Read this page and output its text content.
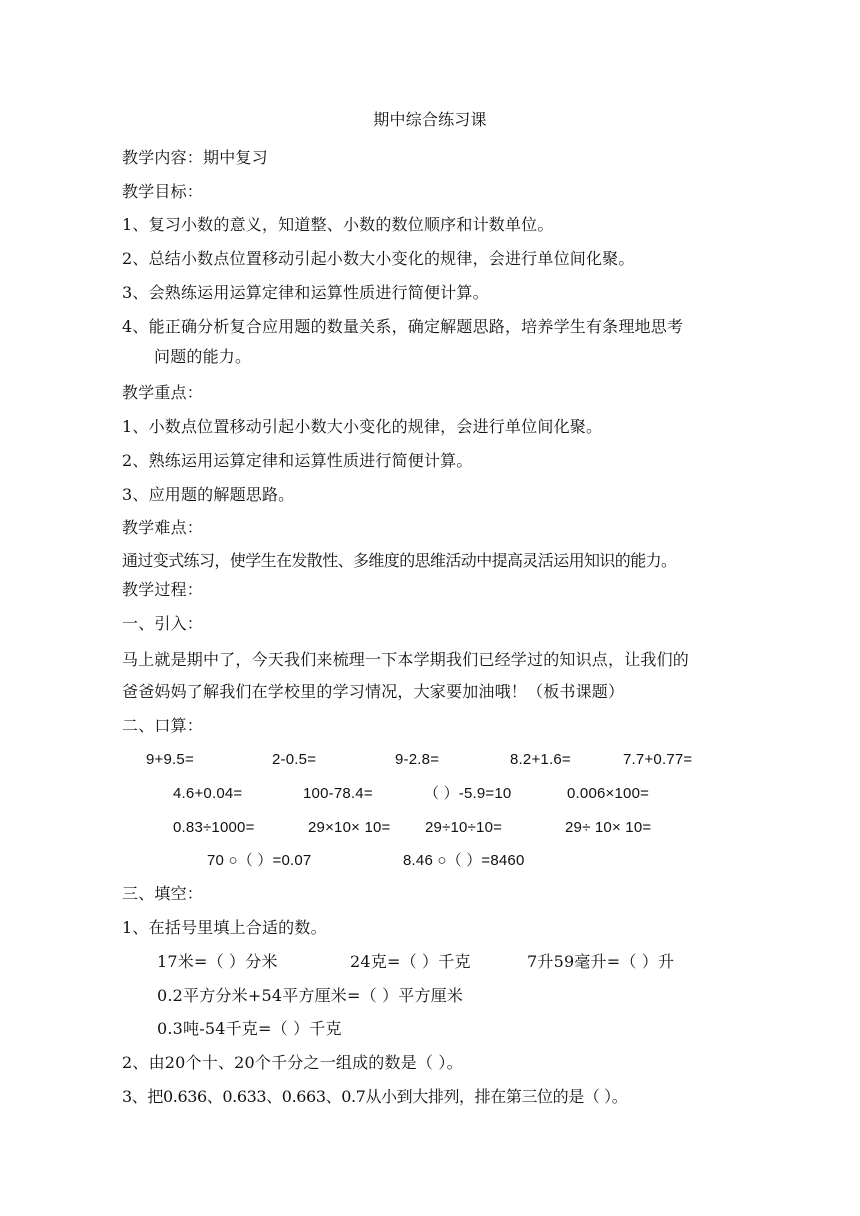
期中综合练习课
教学内容：期中复习
教学目标：
1、复习小数的意义，知道整、小数的数位顺序和计数单位。
2、总结小数点位置移动引起小数大小变化的规律，会进行单位间化聚。
3、会熟练运用运算定律和运算性质进行简便计算。
4、能正确分析复合应用题的数量关系，确定解题思路，培养学生有条理地思考
问题的能力。
教学重点：
1、小数点位置移动引起小数大小变化的规律，会进行单位间化聚。
2、熟练运用运算定律和运算性质进行简便计算。
3、应用题的解题思路。
教学难点：
通过变式练习，使学生在发散性、多维度的思维活动中提高灵活运用知识的能力。
教学过程：
一、引入：
马上就是期中了，今天我们来梳理一下本学期我们已经学过的知识点，让我们的
爸爸妈妈了解我们在学校里的学习情况，大家要加油哦！（板书课题）
二、口算：
9+9.5=	2-0.5=	9-2.8=	8.2+1.6=	7.7+0.77=
4.6+0.04=	100-78.4=	（ ）-5.9=10	0.006×100=
0.83÷1000=	29×10× 10= 29÷10÷10=	29÷ 10× 10=
70 ○（ ）=0.07	8.46 ○（ ）=8460
三、填空：
1、在括号里填上合适的数。
17米=（ ）分米	24克=（ ）千克	7升59毫升=（ ）升
0.2平方分米+54平方厘米=（ ）平方厘米
0.3吨-54千克=（ ）千克
2、由20个十、20个千分之一组成的数是（ ）。
3、把0.636、0.633、0.663、0.7从小到大排列，排在第三位的是（ ）。
